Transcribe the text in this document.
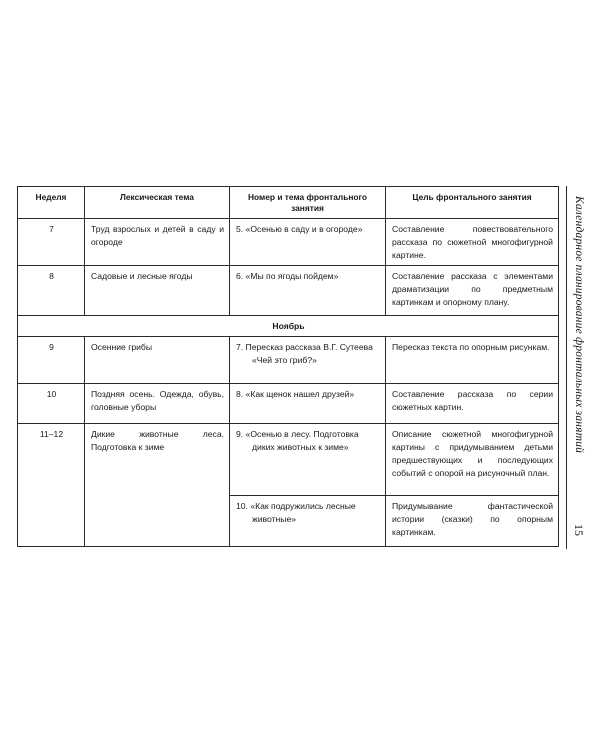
Неделя	Лексическая тема	Номер и тема фронтального занятия	Цель фронтального занятия
7	Труд взрослых и детей в саду и огороде	5. «Осенью в саду и в огороде»	Составление повествовательного рассказа по сюжетной многофигурной картине.
8	Садовые и лесные ягоды	6. «Мы по ягоды пойдем»	Составление рассказа с элементами драматизации по предметным картинкам и опорному плану.
Ноябрь			
9	Осенние грибы	7. Пересказ рассказа В.Г. Сутеева «Чей это гриб?»	Пересказ текста по опорным рисункам.
10	Поздняя осень. Одежда, обувь, головные уборы	8. «Как щенок нашел друзей»	Составление рассказа по серии сюжетных картин.
11–12	Дикие животные леса. Подготовка к зиме	9. «Осенью в лесу. Подготовка диких животных к зиме»	Описание сюжетной многофигурной картины с придумыванием детьми предшествующих и последующих событий с опорой на рисуночный план.

		10. «Как подружились лесные животные»	Придумывание фантастической истории (сказки) по опорным картинкам.
Календарное планирование фронтальных занятий
15
